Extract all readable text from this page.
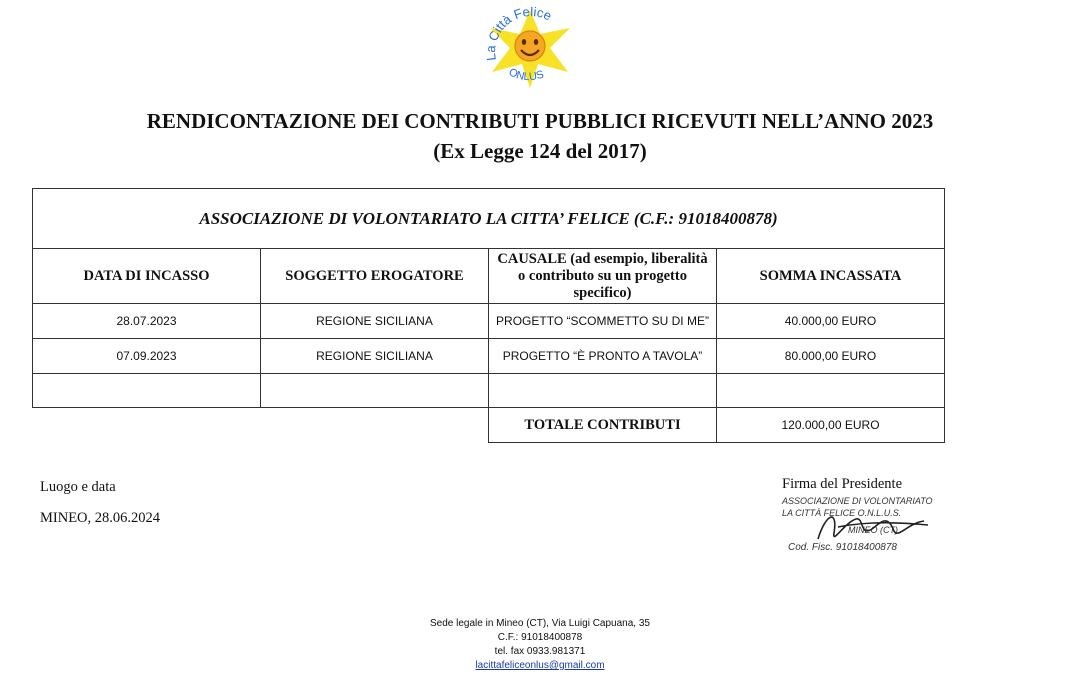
La Città Felice
ONLUS
RENDICONTAZIONE DEI CONTRIBUTI PUBBLICI RICEVUTI NELL’ANNO 2023
(Ex Legge 124 del 2017)
ASSOCIAZIONE DI VOLONTARIATO LA CITTA’ FELICE (C.F.: 91018400878)			
DATA DI INCASSO	SOGGETTO EROGATORE	CAUSALE (ad esempio, liberalità o contributo su un progetto specifico)	SOMMA INCASSATA
28.07.2023	REGIONE SICILIANA	PROGETTO “SCOMMETTO SU DI ME”	40.000,00 EURO
07.09.2023	REGIONE SICILIANA	PROGETTO “È PRONTO A TAVOLA”	80.000,00 EURO

		TOTALE CONTRIBUTI	120.000,00 EURO
Luogo e data
MINEO, 28.06.2024
Firma del Presidente
ASSOCIAZIONE DI VOLONTARIATO
LA CITTÀ FELICE O.N.L.U.S.
MINEO (CT)
Cod. Fisc. 91018400878
Sede legale in Mineo (CT), Via Luigi Capuana, 35
C.F.: 91018400878
tel. fax 0933.981371
lacittafeliceonlus@gmail.com
